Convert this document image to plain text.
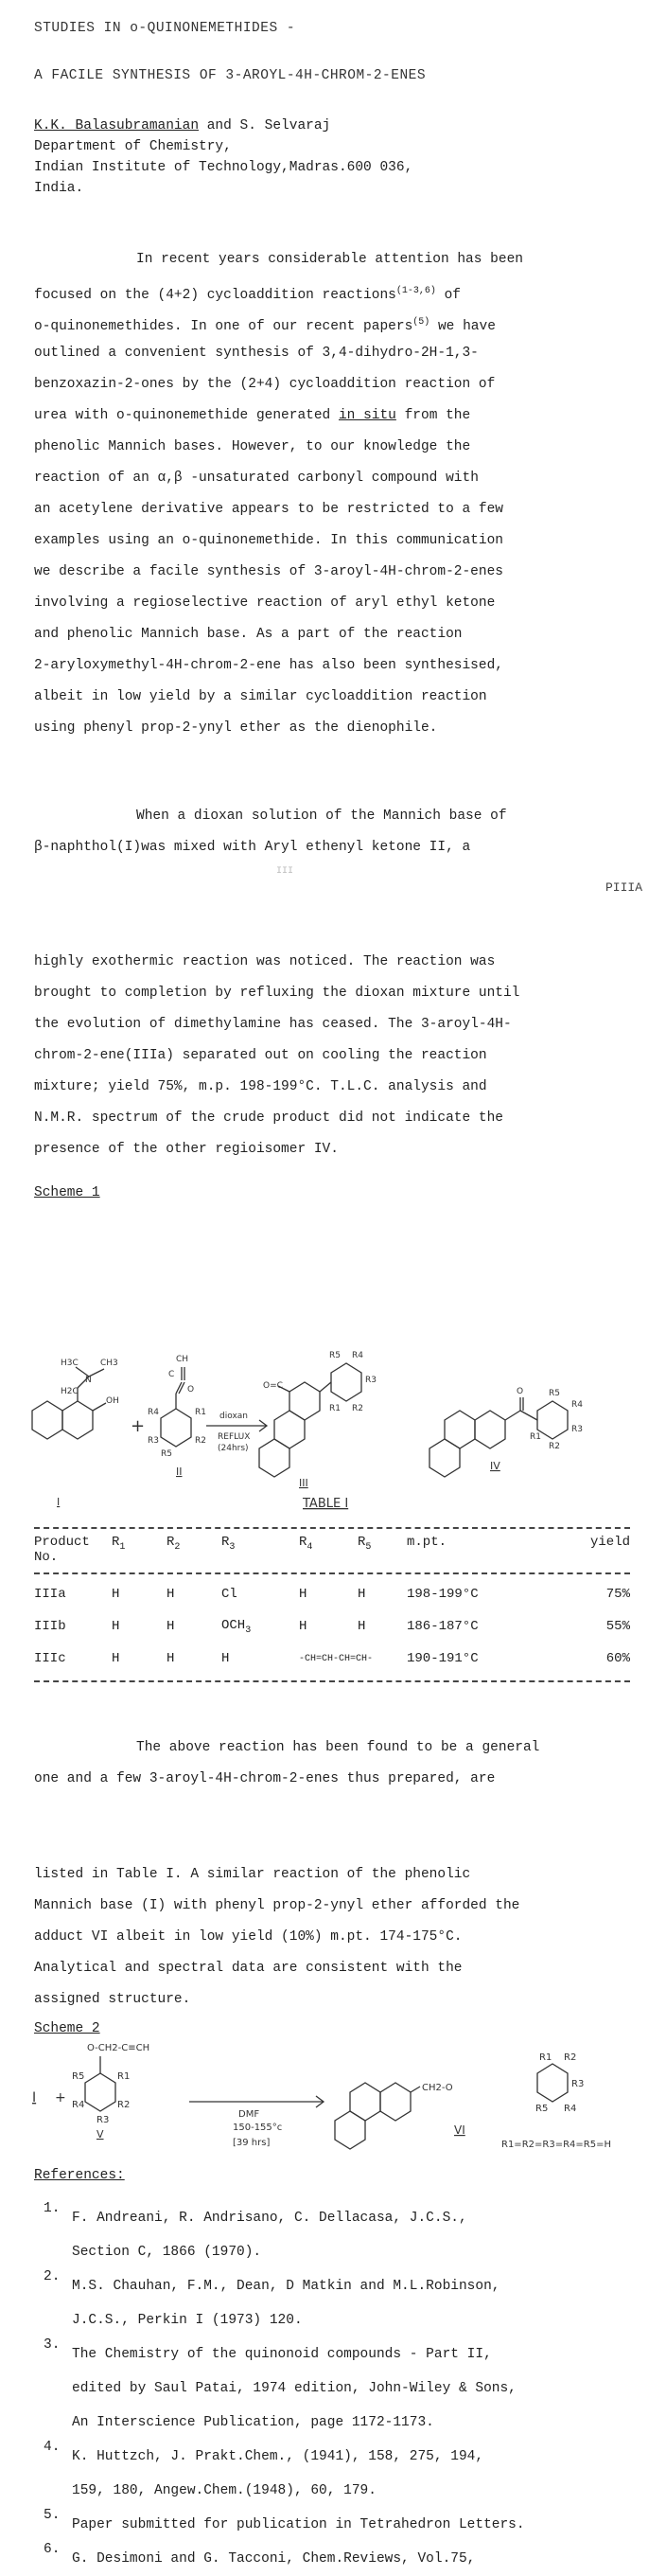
STUDIES IN o-QUINONEMETHIDES -
A FACILE SYNTHESIS OF 3-AROYL-4H-CHROM-2-ENES
K.K. Balasubramanian and S. Selvaraj
Department of Chemistry,
Indian Institute of Technology,Madras.600 036,
India.
In recent years considerable attention has been
focused on the (4+2) cycloaddition reactions$^{(1-3,6)}$ of
o-quinonemethides. In one of our recent papers$^{(5)}$ we have
outlined a convenient synthesis of 3,4-dihydro-2H-1,3-
benzoxazin-2-ones by the (2+4) cycloaddition reaction of
urea with o-quinonemethide generated in situ from the
phenolic Mannich bases. However, to our knowledge the
reaction of an α,β -unsaturated carbonyl compound with
an acetylene derivative appears to be restricted to a few
examples using an o-quinonemethide. In this communication
we describe a facile synthesis of 3-aroyl-4H-chrom-2-enes
involving a regioselective reaction of aryl ethyl ketone
and phenolic Mannich base. As a part of the reaction
2-aryloxymethyl-4H-chrom-2-ene has also been synthesised,
albeit in low yield by a similar cycloaddition reaction
using phenyl prop-2-ynyl ether as the dienophile.
When a dioxan solution of the Mannich base of
β-naphthol(I)was mixed with Aryl ethenyl ketone II, a
III
PIIIA
highly exothermic reaction was noticed. The reaction was
brought to completion by refluxing the dioxan mixture until
the evolution of dimethylamine has ceased. The 3-aroyl-4H-
chrom-2-ene(IIIa) separated out on cooling the reaction
mixture; yield 75%, m.p. 198-199°C. T.L.C. analysis and
N.M.R. spectrum of the crude product did not indicate the
presence of the other regioisomer IV.
Scheme 1
CH
C
O
H3C	CH3
N
H2C
OH
R4	R1
R3	R2
R5
O=C
R5 R4
R3
R2
R1
O	R5
R4
R3
R2
R1
dioxan
REFLUX
(24hrs)
+
I
II
III
IV
TABLE I
Product
No.	$R_1$	$R_2$	$R_3$	$R_4$	$R_5$	m.pt.	yield
IIIa	H	H	Cl	H	H	198-199°C	75%
IIIb	H	H	$OCH_3$	H	H	186-187°C	55%
IIIc	H	H	H	-CH=CH-CH=CH-		190-191°C	60%
The above reaction has been found to be a general
one and a few 3-aroyl-4H-chrom-2-enes thus prepared, are
listed in Table I. A similar reaction of the phenolic
Mannich base (I) with phenyl prop-2-ynyl ether afforded the
adduct VI albeit in low yield (10%) m.pt. 174-175°C.
Analytical and spectral data are consistent with the
assigned structure.
Scheme 2
O-CH2-C≡CH
CH2-O
DMF
150-155°c
[39 hrs]	R1=R2=R3=R4=R5=H
R5	R1
R4	R2
R3
R1 R2
R3
R4
R5
I +
V	VI
References:
1.
F. Andreani, R. Andrisano, C. Dellacasa, J.C.S.,
Section C, 1866 (1970).
2.
M.S. Chauhan, F.M., Dean, D Matkin and M.L.Robinson,
J.C.S., Perkin I (1973) 120.
3.
The Chemistry of the quinonoid compounds - Part II,
edited by Saul Patai, 1974 edition, John-Wiley & Sons,
An Interscience Publication, page 1172-1173.
4.
K. Huttzch, J. Prakt.Chem., (1941), 158, 275, 194,
159, 180, Angew.Chem.(1948), 60, 179.
5.
Paper submitted for publication in Tetrahedron Letters.
6.
G. Desimoni and G. Tacconi, Chem.Reviews, Vol.75,
